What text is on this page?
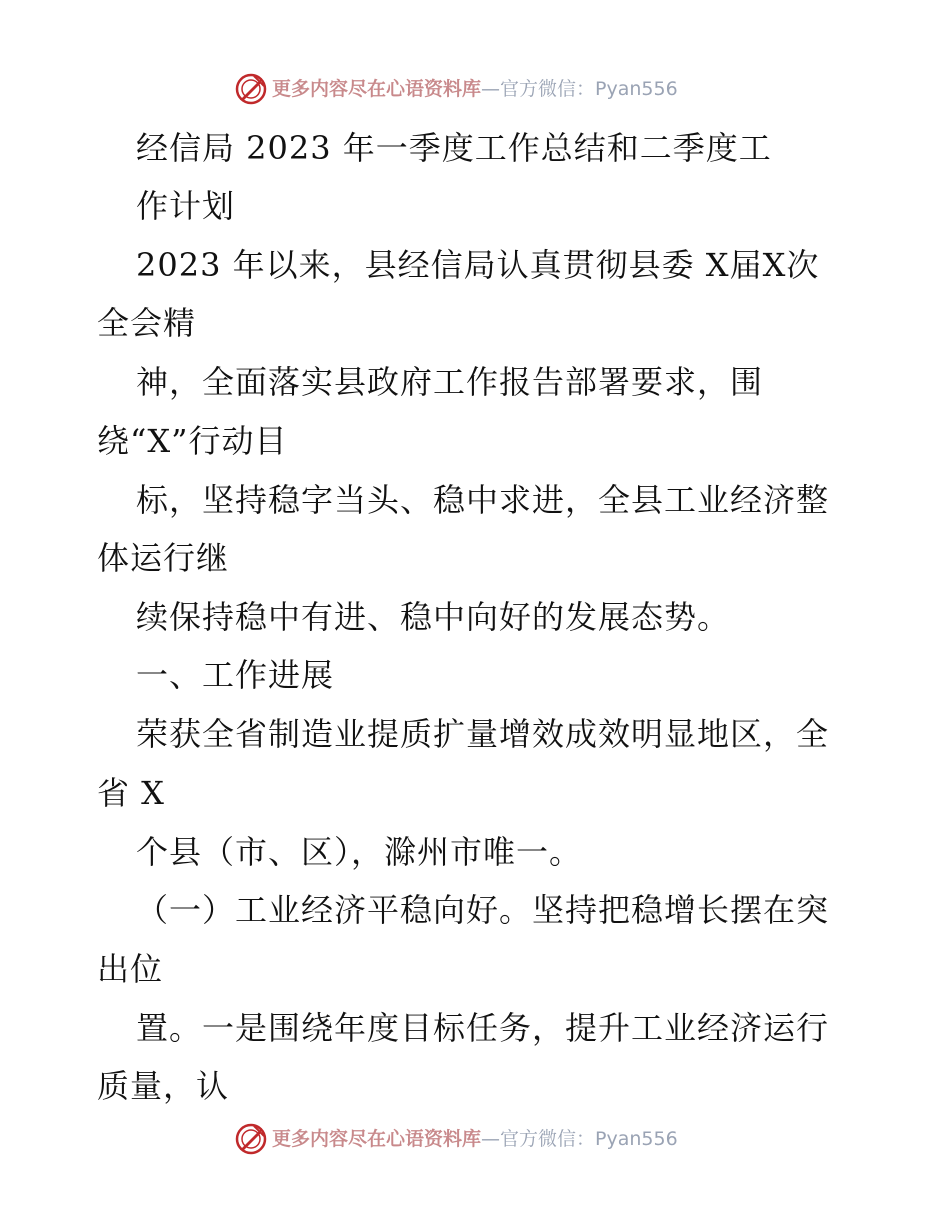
更多内容尽在心语资料库—官方微信：Pyan556
经信局 2023 年一季度工作总结和二季度工
作计划
2023 年以来，县经信局认真贯彻县委 X届X次
全会精
神，全面落实县政府工作报告部署要求，围
绕“X”行动目
标，坚持稳字当头、稳中求进，全县工业经济整
体运行继
续保持稳中有进、稳中向好的发展态势。
一、工作进展
荣获全省制造业提质扩量增效成效明显地区，全
省 X
个县（市、区），滁州市唯一。
（一）工业经济平稳向好。坚持把稳增长摆在突
出位
置。一是围绕年度目标任务，提升工业经济运行
质量，认
更多内容尽在心语资料库—官方微信：Pyan556
